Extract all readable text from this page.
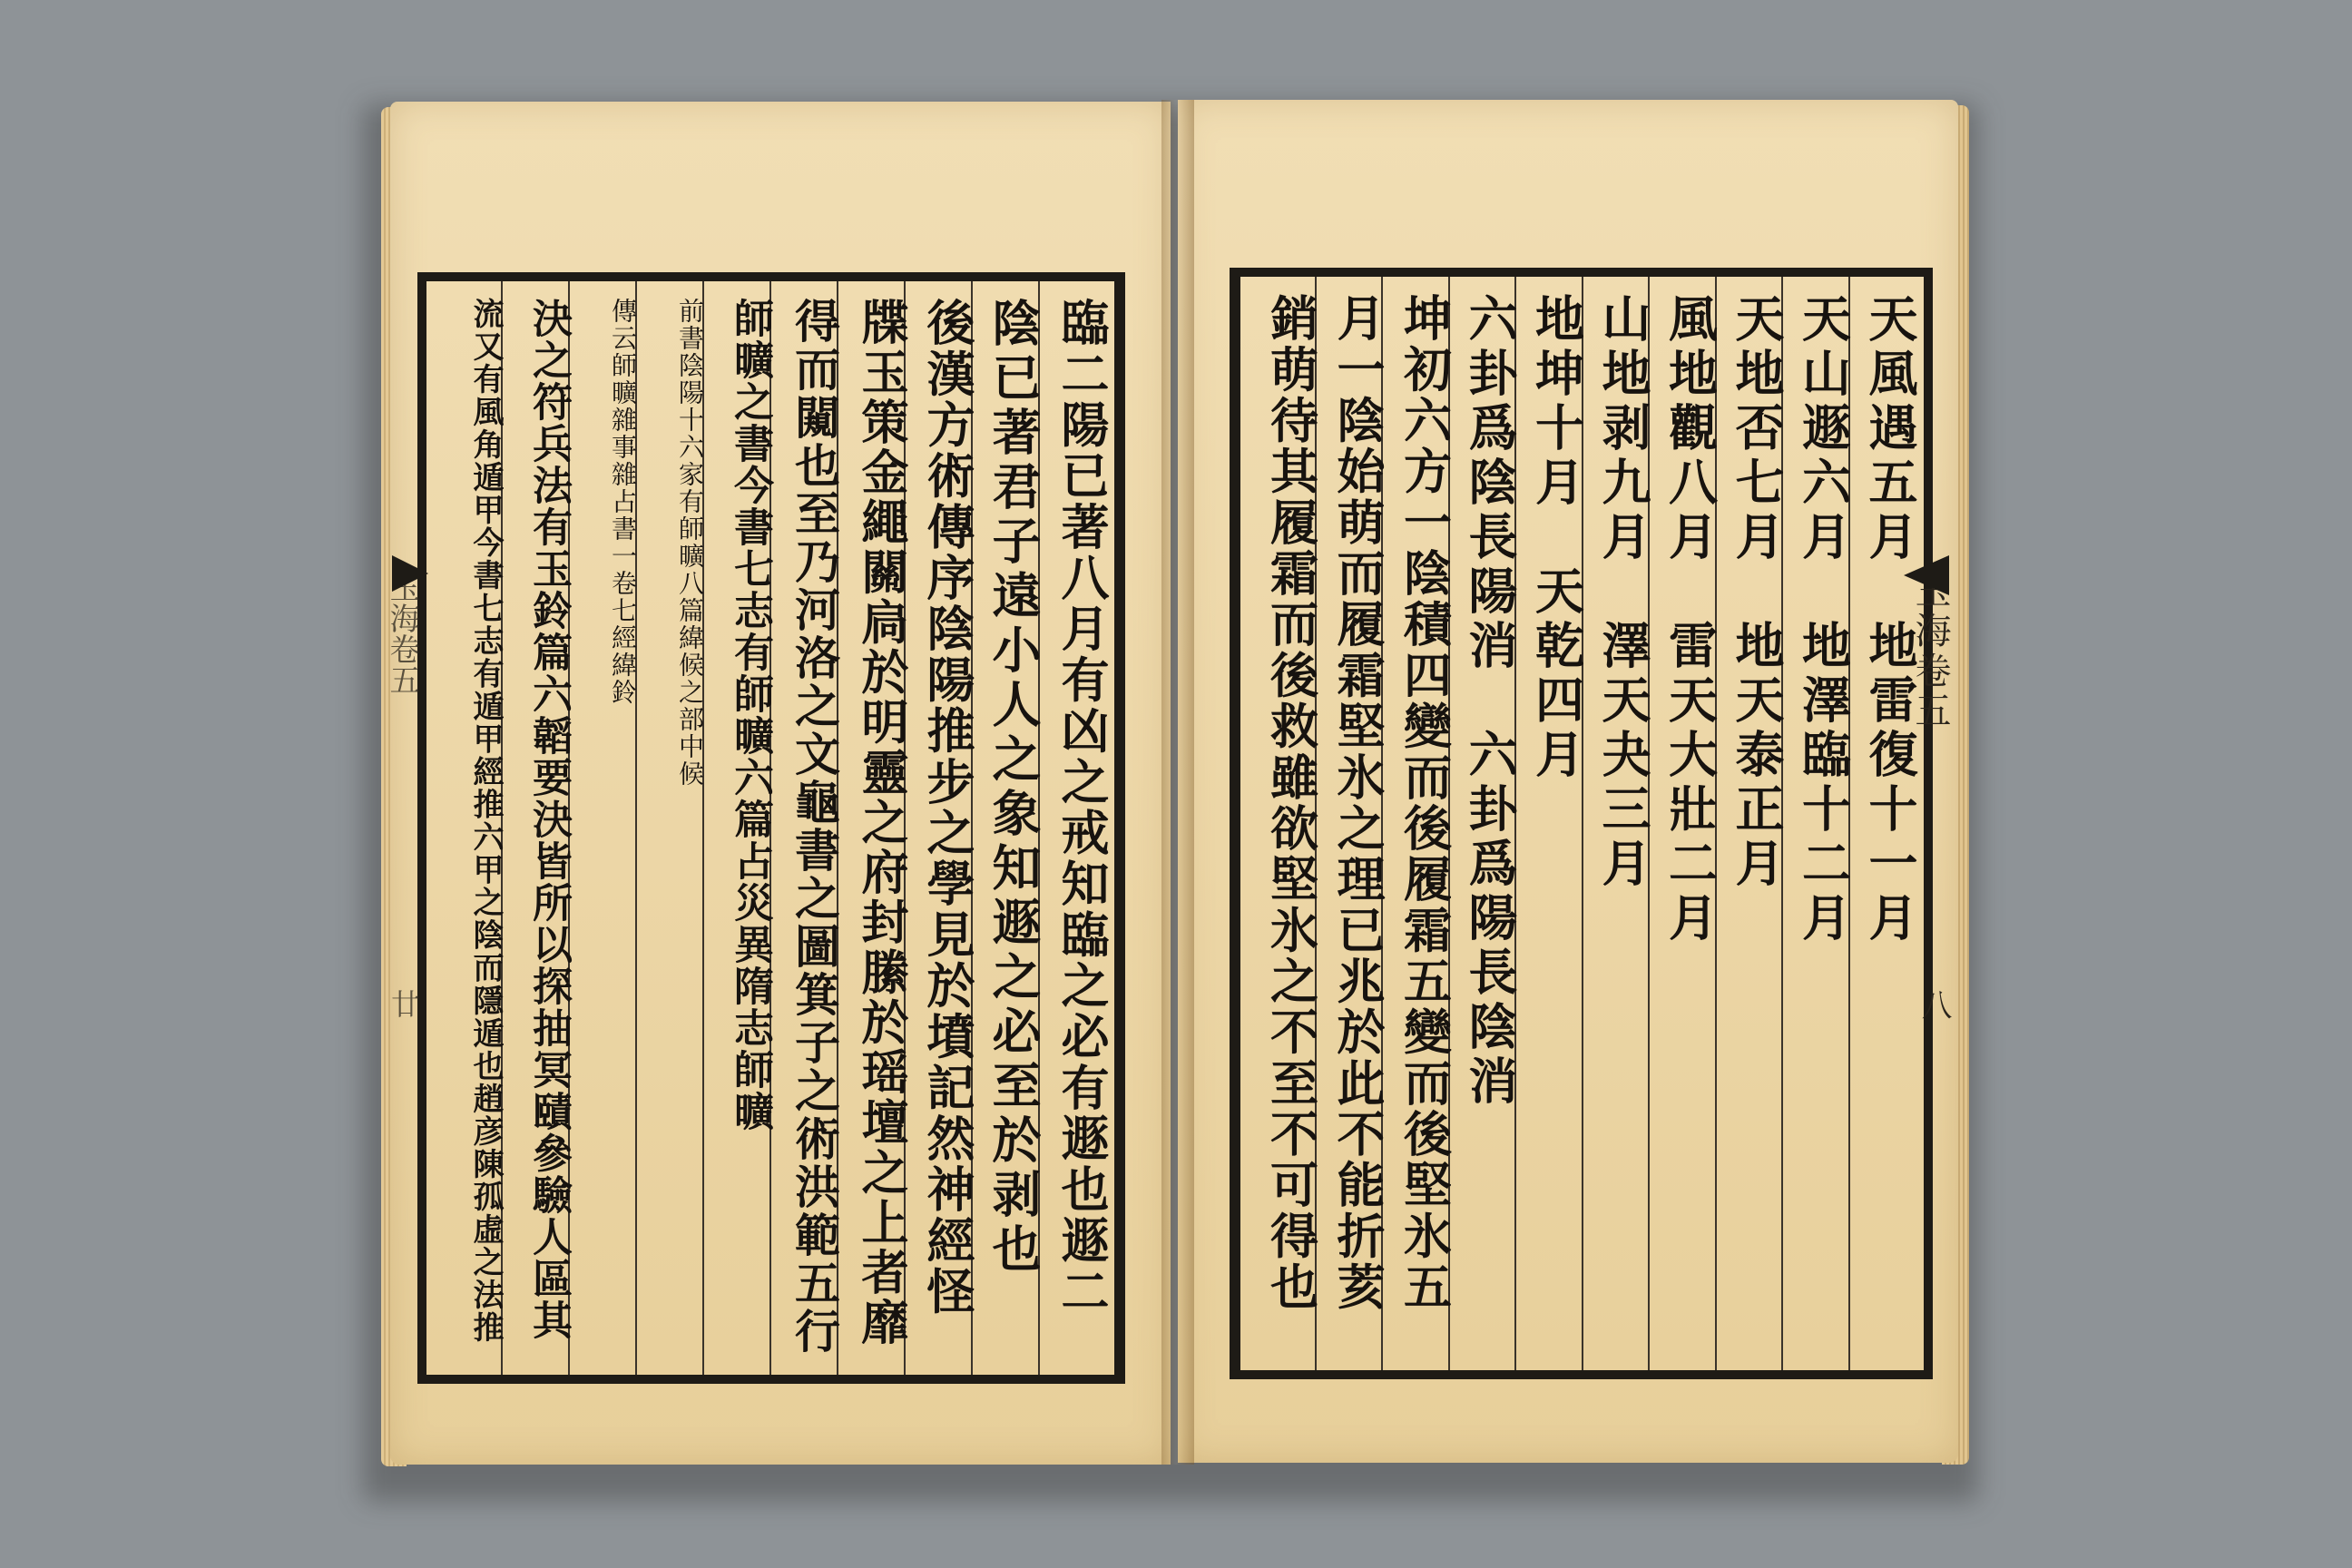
臨二陽已著八月有凶之戒知臨之必有遯也遯二
陰已著君子遠小人之象知遯之必至於剥也
後漢方術傳序陰陽推步之學見於墳記然神經怪
牒玉策金繩關扃於明靈之府封縢於瑶壇之上者靡
得而闚也至乃河洛之文龜書之圖箕子之術洪範五行
師曠之書今書七志有師曠六篇占災異隋志師曠
前書陰陽十六家有師曠八篇緯候之部中候
傳云師曠雜事雜占書一卷七經緯鈴
決之符兵法有玉鈴篇六韜要決皆所以探抽冥賾參驗人區其
流又有風角遁甲今書七志有遁甲經推六甲之陰而隱遁也趙彦陳孤虛之法推
玉海卷五
廿
天風遇五月　地雷復十一月
天山遯六月　地澤臨十二月
天地否七月　地天泰正月
風地觀八月　雷天大壯二月
山地剥九月　澤天夬三月
地坤十月　天乾四月
六卦爲陰長陽消　六卦爲陽長陰消
坤初六方一陰積四變而後履霜五變而後堅氷五
月一陰始萌而履霜堅氷之理已兆於此不能折荄
銷萌待其履霜而後救雖欲堅氷之不至不可得也	玉海卷五
八
